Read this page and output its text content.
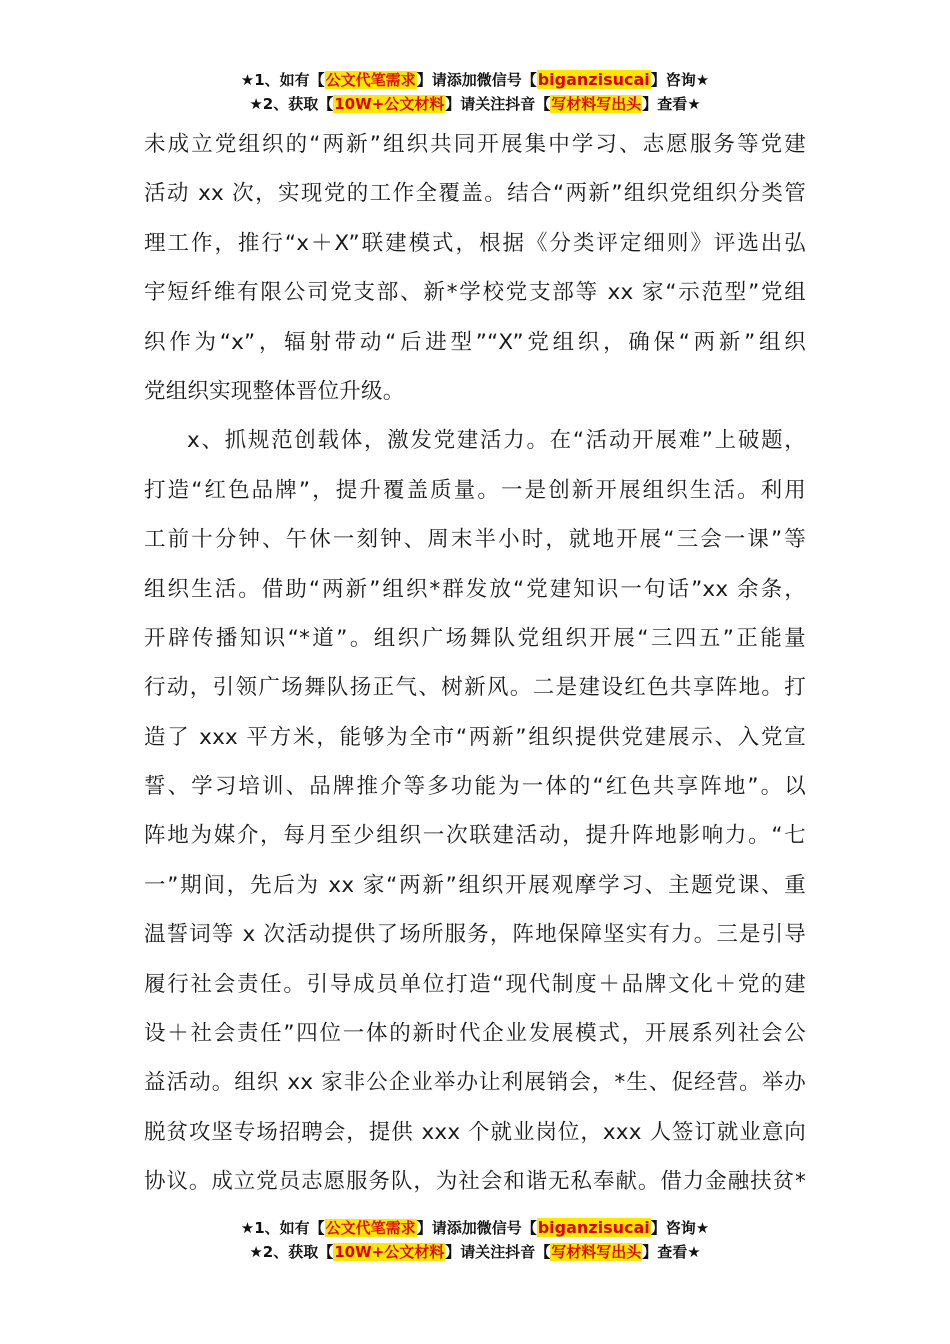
★1、如有【公文代笔需求】请添加微信号【biganzisucai】咨询★
★2、获取【10W+公文材料】请关注抖音【写材料写出头】查看★
未成立党组织的“两新”组织共同开展集中学习、志愿服务等党建
活动 xx 次，实现党的工作全覆盖。结合“两新”组织党组织分类管
理工作，推行“x＋X”联建模式，根据《分类评定细则》评选出弘
宇短纤维有限公司党支部、新*学校党支部等 xx 家“示范型”党组
织作为“x”，辐射带动“后进型”“X”党组织，确保“两新”组织
党组织实现整体晋位升级。
x、抓规范创载体，激发党建活力。在“活动开展难”上破题，
打造“红色品牌”，提升覆盖质量。一是创新开展组织生活。利用
工前十分钟、午休一刻钟、周末半小时，就地开展“三会一课”等
组织生活。借助“两新”组织*群发放“党建知识一句话”xx 余条，
开辟传播知识“*道”。组织广场舞队党组织开展“三四五”正能量
行动，引领广场舞队扬正气、树新风。二是建设红色共享阵地。打
造了 xxx 平方米，能够为全市“两新”组织提供党建展示、入党宣
誓、学习培训、品牌推介等多功能为一体的“红色共享阵地”。以
阵地为媒介，每月至少组织一次联建活动，提升阵地影响力。“七
一”期间，先后为 xx 家“两新”组织开展观摩学习、主题党课、重
温誓词等 x 次活动提供了场所服务，阵地保障坚实有力。三是引导
履行社会责任。引导成员单位打造“现代制度＋品牌文化＋党的建
设＋社会责任”四位一体的新时代企业发展模式，开展系列社会公
益活动。组织 xx 家非公企业举办让利展销会，*生、促经营。举办
脱贫攻坚专场招聘会，提供 xxx 个就业岗位，xxx 人签订就业意向
协议。成立党员志愿服务队，为社会和谐无私奉献。借力金融扶贫*
★1、如有【公文代笔需求】请添加微信号【biganzisucai】咨询★
★2、获取【10W+公文材料】请关注抖音【写材料写出头】查看★
